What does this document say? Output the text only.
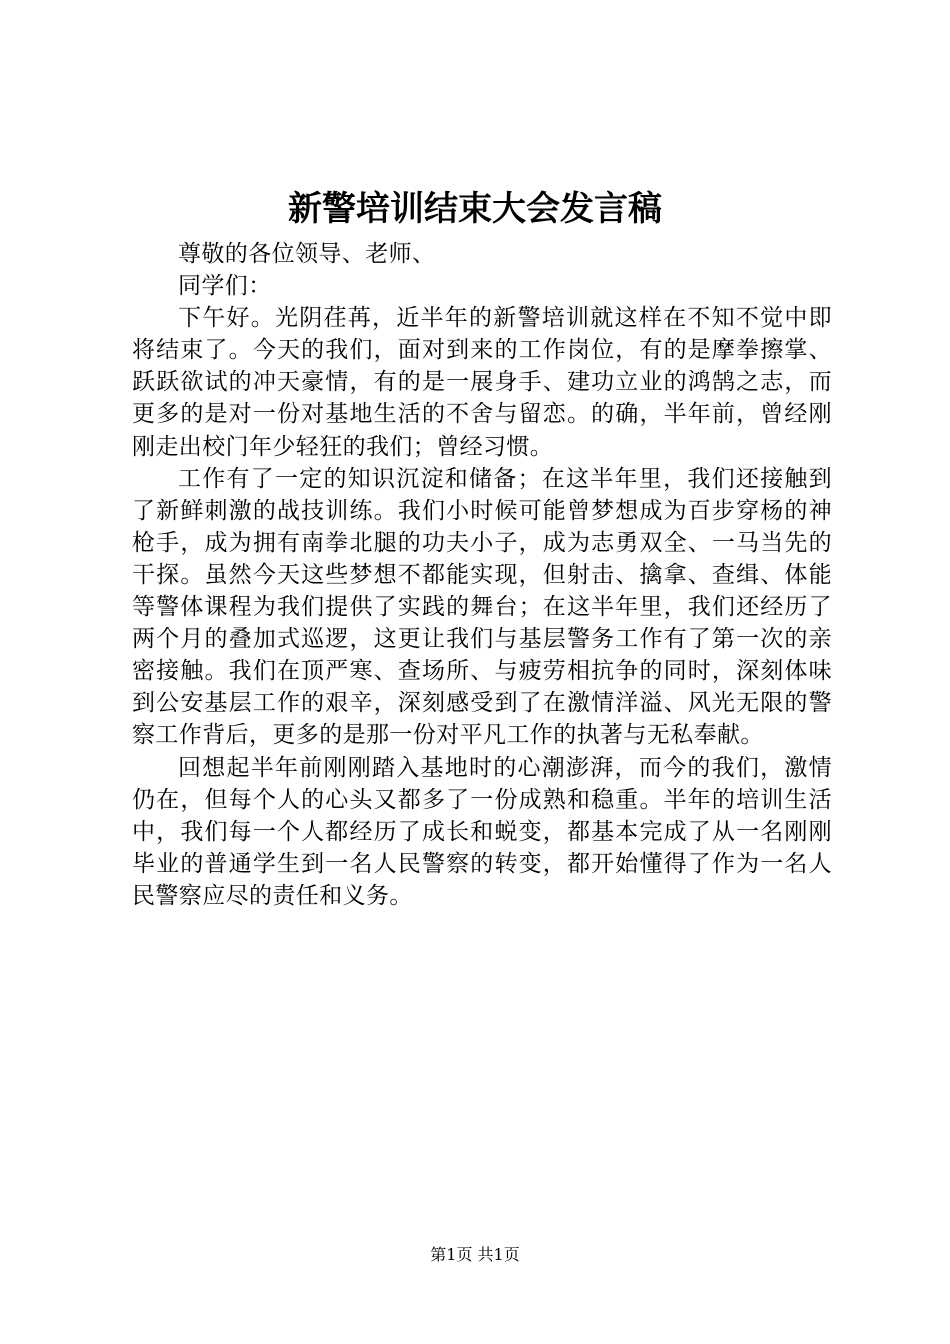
新警培训结束大会发言稿

尊敬的各位领导、老师、

同学们：

下午好。光阴荏苒，近半年的新警培训就这样在不知不觉中即将结束了。今天的我们，面对到来的工作岗位，有的是摩拳擦掌、跃跃欲试的冲天豪情，有的是一展身手、建功立业的鸿鹄之志，而更多的是对一份对基地生活的不舍与留恋。的确，半年前，曾经刚刚走出校门年少轻狂的我们；曾经习惯。

工作有了一定的知识沉淀和储备；在这半年里，我们还接触到了新鲜刺激的战技训练。我们小时候可能曾梦想成为百步穿杨的神枪手，成为拥有南拳北腿的功夫小子，成为志勇双全、一马当先的干探。虽然今天这些梦想不都能实现，但射击、擒拿、查缉、体能等警体课程为我们提供了实践的舞台；在这半年里，我们还经历了两个月的叠加式巡逻，这更让我们与基层警务工作有了第一次的亲密接触。我们在顶严寒、查场所、与疲劳相抗争的同时，深刻体味到公安基层工作的艰辛，深刻感受到了在激情洋溢、风光无限的警察工作背后，更多的是那一份对平凡工作的执著与无私奉献。

回想起半年前刚刚踏入基地时的心潮澎湃，而今的我们，激情仍在，但每个人的心头又都多了一份成熟和稳重。半年的培训生活中，我们每一个人都经历了成长和蜕变，都基本完成了从一名刚刚毕业的普通学生到一名人民警察的转变，都开始懂得了作为一名人民警察应尽的责任和义务。

第1页 共1页
